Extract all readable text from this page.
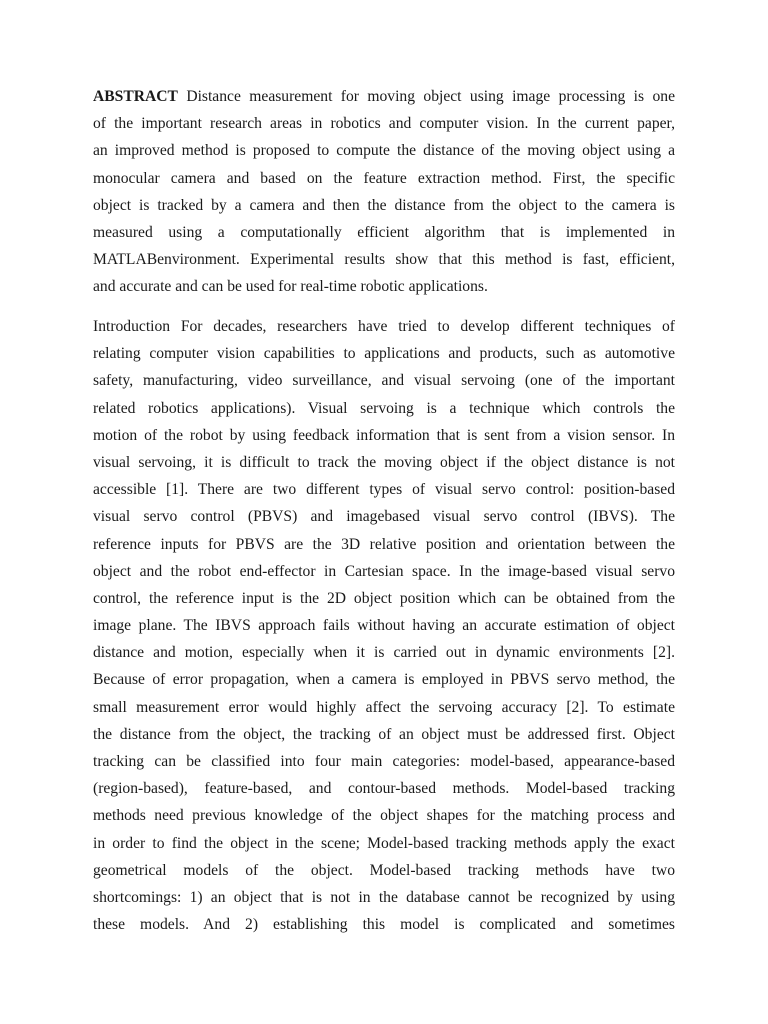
ABSTRACT Distance measurement for moving object using image processing is one
of the important research areas in robotics and computer vision. In the current paper,
an improved method is proposed to compute the distance of the moving object using a
monocular camera and based on the feature extraction method. First, the specific
object is tracked by a camera and then the distance from the object to the camera is
measured using a computationally efficient algorithm that is implemented in
MATLABenvironment. Experimental results show that this method is fast, efficient,
and accurate and can be used for real-time robotic applications.
Introduction For decades, researchers have tried to develop different techniques of
relating computer vision capabilities to applications and products, such as automotive
safety, manufacturing, video surveillance, and visual servoing (one of the important
related robotics applications). Visual servoing is a technique which controls the
motion of the robot by using feedback information that is sent from a vision sensor. In
visual servoing, it is difficult to track the moving object if the object distance is not
accessible [1]. There are two different types of visual servo control: position-based
visual servo control (PBVS) and imagebased visual servo control (IBVS). The
reference inputs for PBVS are the 3D relative position and orientation between the
object and the robot end-effector in Cartesian space. In the image-based visual servo
control, the reference input is the 2D object position which can be obtained from the
image plane. The IBVS approach fails without having an accurate estimation of object
distance and motion, especially when it is carried out in dynamic environments [2].
Because of error propagation, when a camera is employed in PBVS servo method, the
small measurement error would highly affect the servoing accuracy [2]. To estimate
the distance from the object, the tracking of an object must be addressed first. Object
tracking can be classified into four main categories: model-based, appearance-based
(region-based), feature-based, and contour-based methods. Model-based tracking
methods need previous knowledge of the object shapes for the matching process and
in order to find the object in the scene; Model-based tracking methods apply the exact
geometrical models of the object. Model-based tracking methods have two
shortcomings: 1) an object that is not in the database cannot be recognized by using
these models. And 2) establishing this model is complicated and sometimes
